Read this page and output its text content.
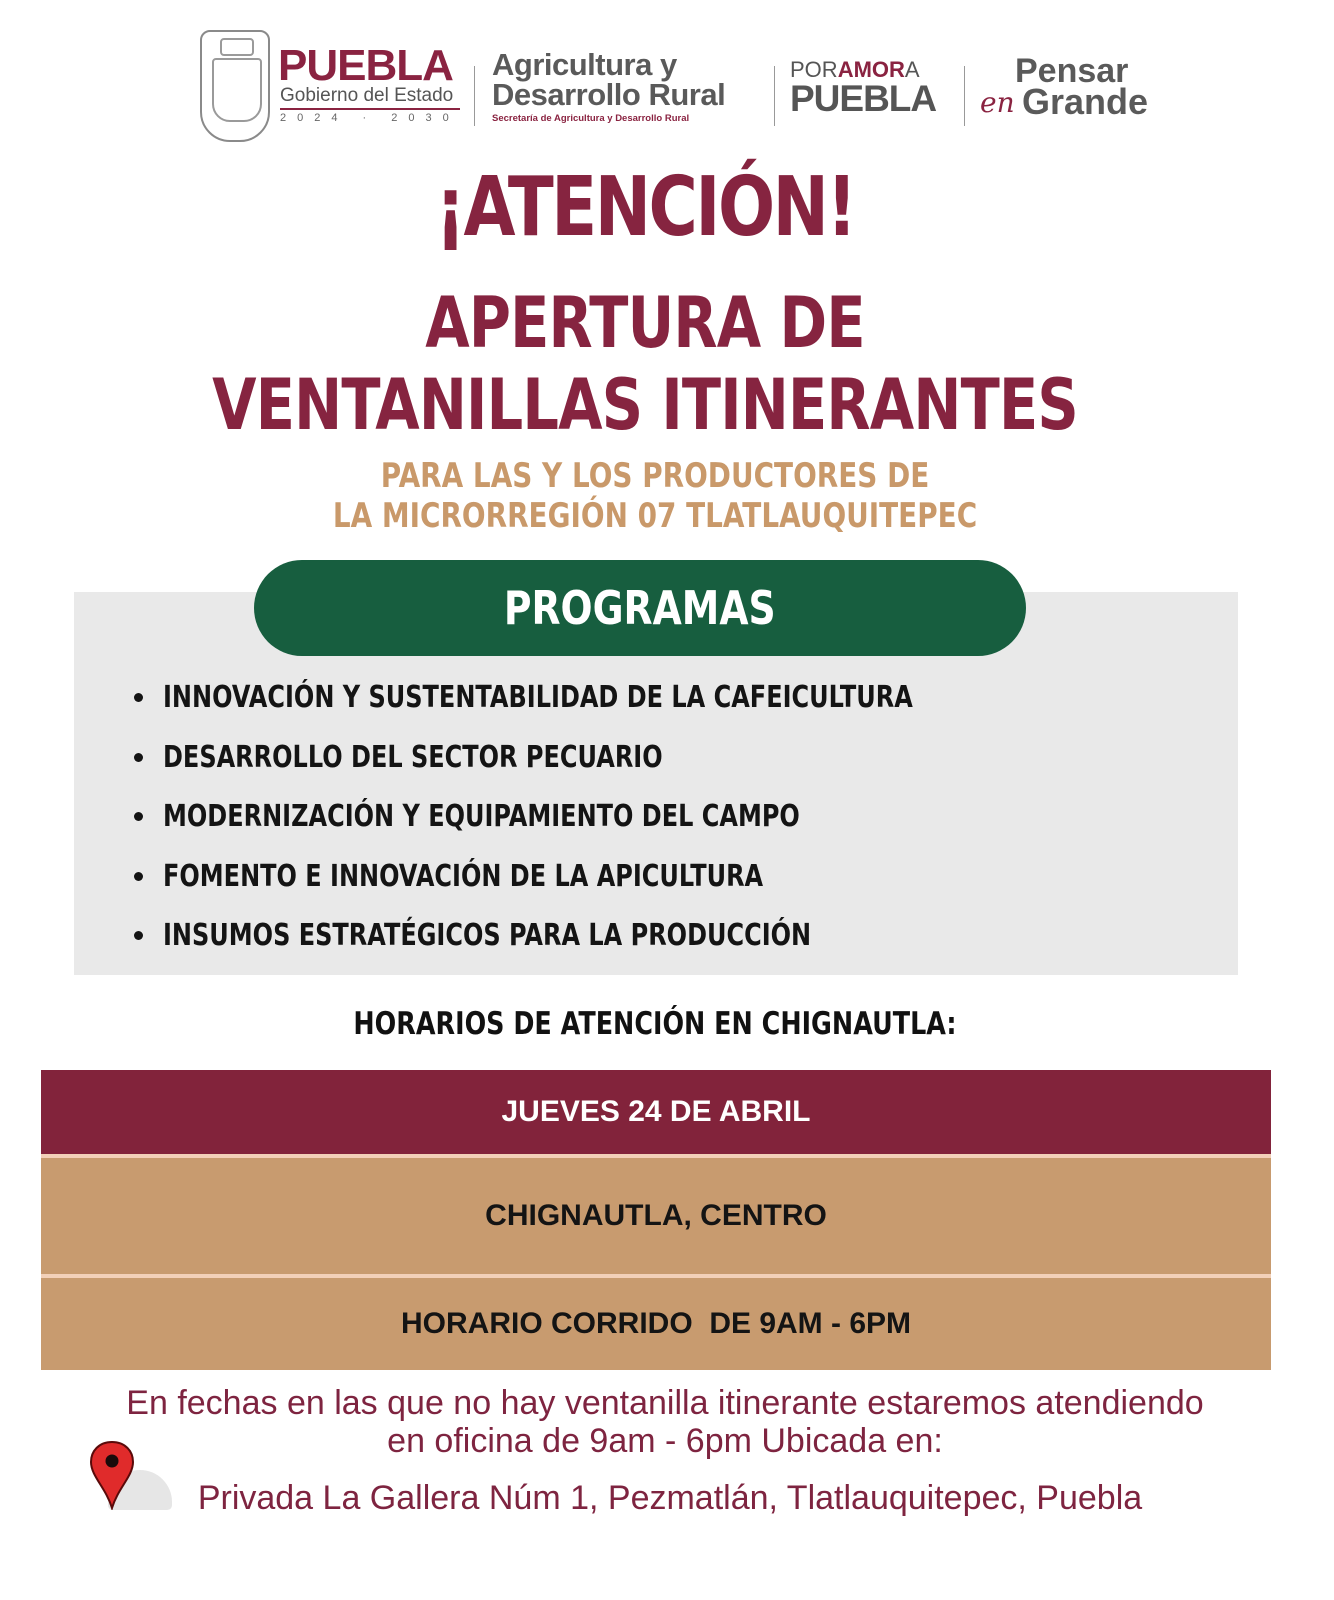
PUEBLA
Gobierno del Estado
2024 · 2030
Agricultura y
Desarrollo Rural
Secretaría de Agricultura y Desarrollo Rural
PORAMORA
PUEBLA
Pensar
en Grande
¡ATENCIÓN!
APERTURA DE
VENTANILLAS ITINERANTES
PARA LAS Y LOS PRODUCTORES DE
LA MICRORREGIÓN 07 TLATLAUQUITEPEC
PROGRAMAS
INNOVACIÓN Y SUSTENTABILIDAD DE LA CAFEICULTURA
DESARROLLO DEL SECTOR PECUARIO
MODERNIZACIÓN Y EQUIPAMIENTO DEL CAMPO
FOMENTO E INNOVACIÓN DE LA APICULTURA
INSUMOS ESTRATÉGICOS PARA LA PRODUCCIÓN
HORARIOS DE ATENCIÓN EN CHIGNAUTLA:
JUEVES 24 DE ABRIL
CHIGNAUTLA, CENTRO
HORARIO CORRIDO  DE 9AM - 6PM
En fechas en las que no hay ventanilla itinerante estaremos atendiendo
en oficina de 9am - 6pm Ubicada en:
Privada La Gallera Núm 1, Pezmatlán, Tlatlauquitepec, Puebla
